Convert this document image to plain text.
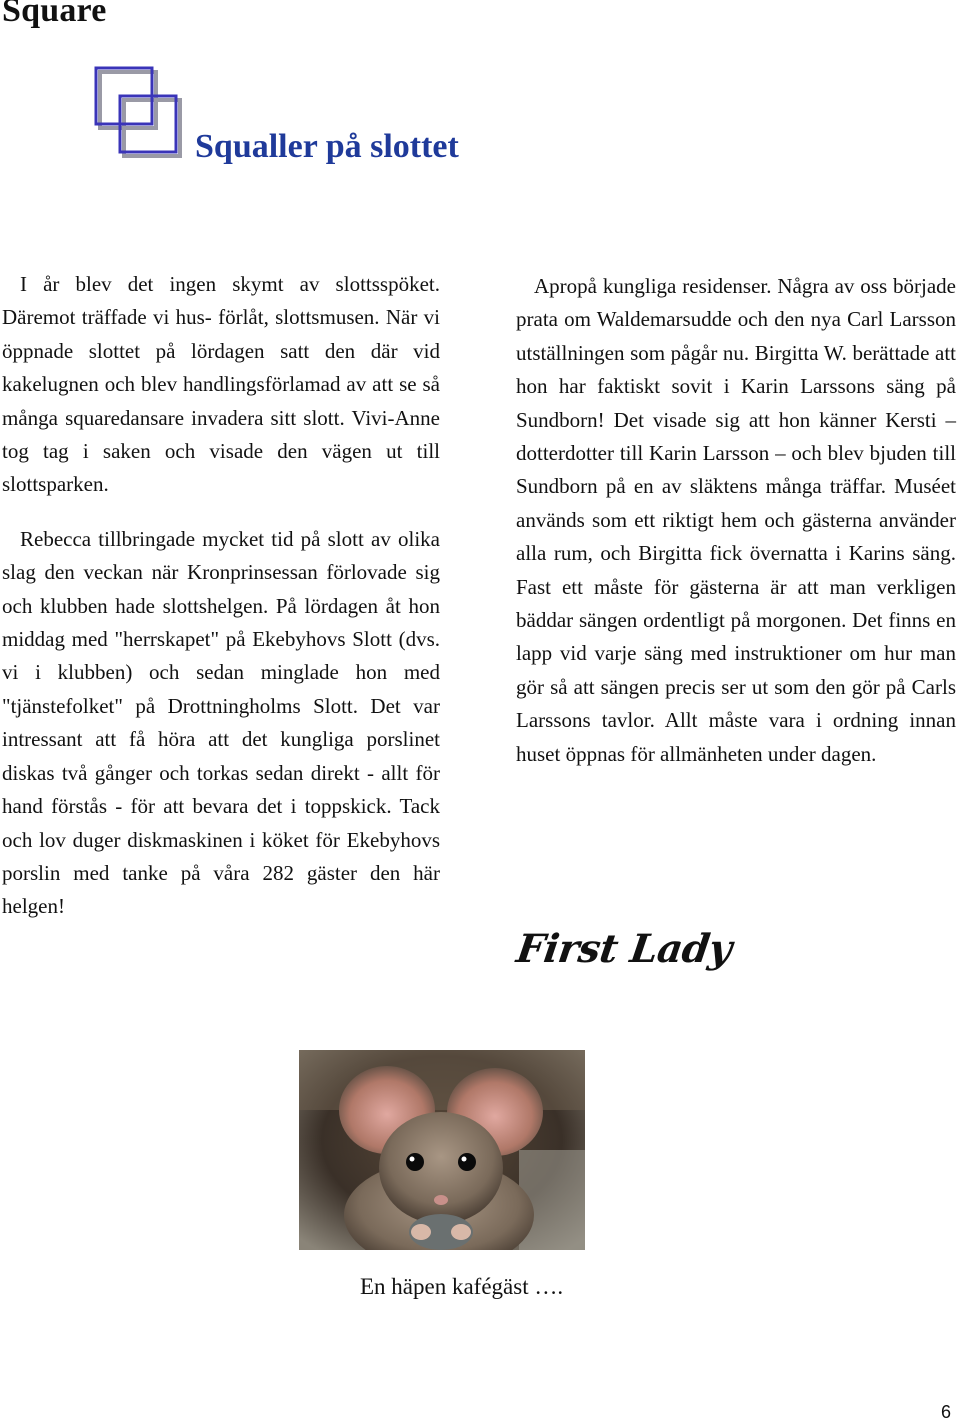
Square
Squaller på slottet

I år blev det ingen skymt av slottsspöket. Däremot träffade vi hus- förlåt, slottsmusen. När vi öppnade slottet på lördagen satt den där vid kakelugnen och blev handlingsförlamad av att se så många squaredansare invadera sitt slott. Vivi-Anne tog tag i saken och visade den vägen ut till slottsparken.

Rebecca tillbringade mycket tid på slott av olika slag den veckan när Kronprinsessan förlovade sig och klubben hade slottshelgen. På lördagen åt hon middag med "herrskapet" på Ekebyhovs Slott (dvs. vi i klubben) och sedan minglade hon med "tjänstefolket" på Drottningholms Slott. Det var intressant att få höra att det kungliga porslinet diskas två gånger och torkas sedan direkt - allt för hand förstås - för att bevara det i toppskick. Tack och lov duger diskmaskinen i köket för Ekebyhovs porslin med tanke på våra 282 gäster den här helgen!

Apropå kungliga residenser. Några av oss började prata om Waldemarsudde och den nya Carl Larsson utställningen som pågår nu. Birgitta W. berättade att hon har faktiskt sovit i Karin Larssons säng på Sundborn! Det visade sig att hon känner Kersti – dotterdotter till Karin Larsson – och blev bjuden till Sundborn på en av släktens många träffar. Muséet används som ett riktigt hem och gästerna använder alla rum, och Birgitta fick övernatta i Karins säng. Fast ett måste för gästerna är att man verkligen bäddar sängen ordentligt på morgonen. Det finns en lapp vid varje säng med instruktioner om hur man gör så att sängen precis ser ut som den gör på Carls Larssons tavlor. Allt måste vara i ordning innan huset öppnas för allmänheten under dagen.

First Lady
En häpen kafégäst ….
6
